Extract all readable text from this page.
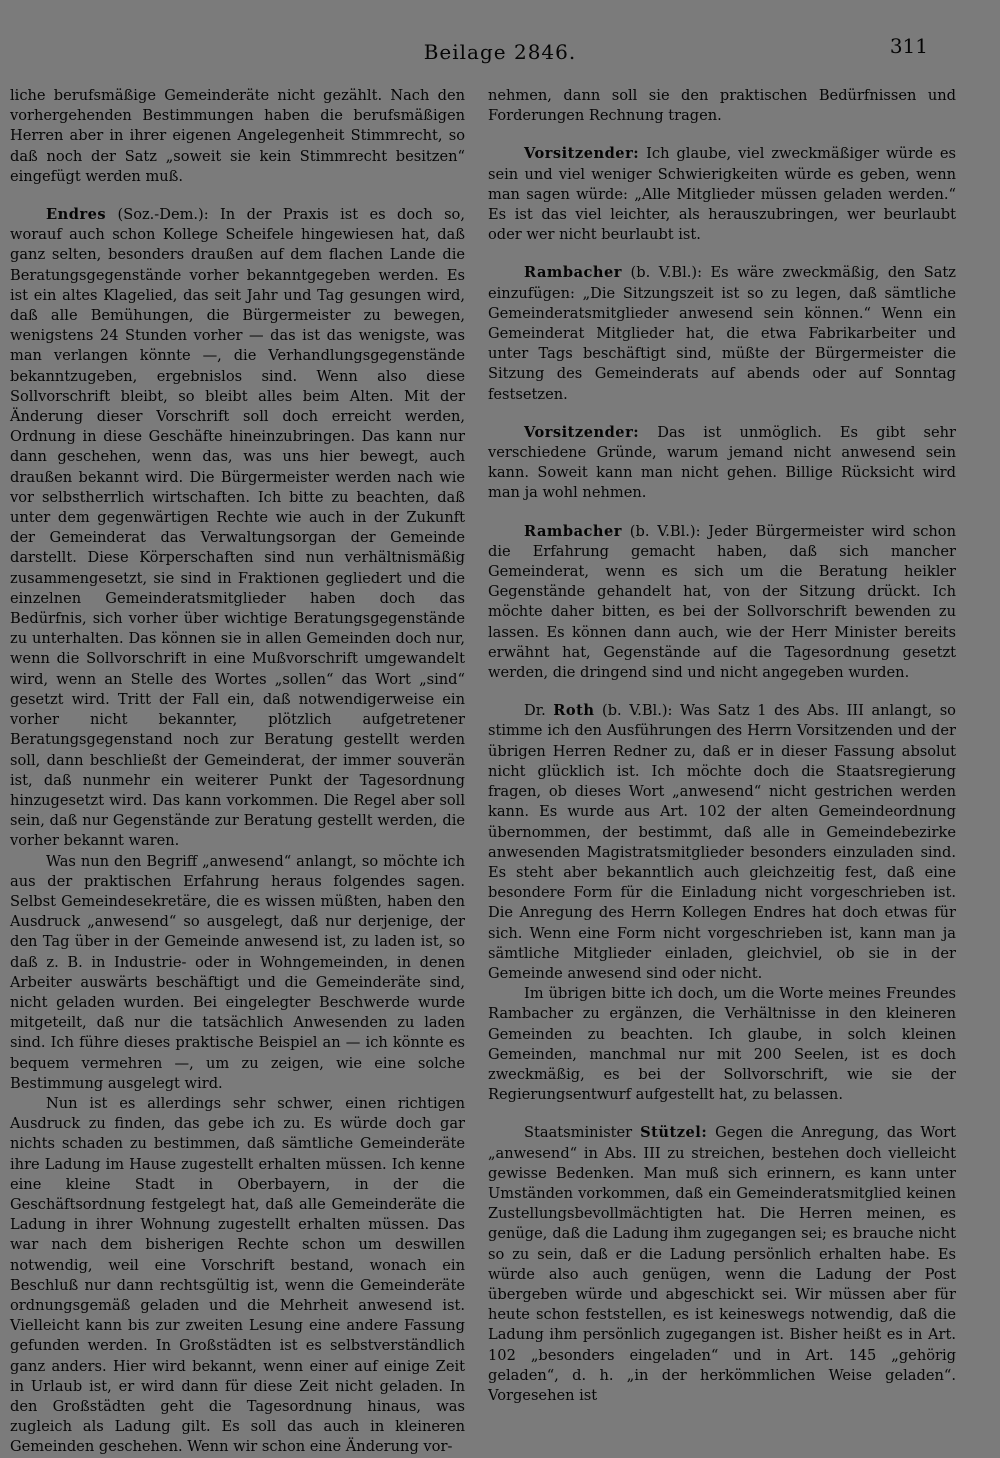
Beilage 2846.	311

liche berufsmäßige Gemeinderäte nicht gezählt. Nach den vorhergehenden Bestimmungen haben die berufsmäßigen Herren aber in ihrer eigenen Angelegenheit Stimmrecht, so daß noch der Satz „soweit sie kein Stimmrecht besitzen“ eingefügt werden muß.

Endres (Soz.-Dem.): In der Praxis ist es doch so, worauf auch schon Kollege Scheifele hingewiesen hat, daß ganz selten, besonders draußen auf dem flachen Lande die Beratungsgegenstände vorher bekanntgegeben werden. Es ist ein altes Klagelied, das seit Jahr und Tag gesungen wird, daß alle Bemühungen, die Bürgermeister zu bewegen, wenigstens 24 Stunden vorher — das ist das wenigste, was man verlangen könnte —, die Verhandlungsgegenstände bekanntzugeben, ergebnislos sind. Wenn also diese Sollvorschrift bleibt, so bleibt alles beim Alten. Mit der Änderung dieser Vorschrift soll doch erreicht werden, Ordnung in diese Geschäfte hineinzubringen. Das kann nur dann geschehen, wenn das, was uns hier bewegt, auch draußen bekannt wird. Die Bürgermeister werden nach wie vor selbstherrlich wirtschaften. Ich bitte zu beachten, daß unter dem gegenwärtigen Rechte wie auch in der Zukunft der Gemeinderat das Verwaltungsorgan der Gemeinde darstellt. Diese Körperschaften sind nun verhältnismäßig zusammengesetzt, sie sind in Fraktionen gegliedert und die einzelnen Gemeinderatsmitglieder haben doch das Bedürfnis, sich vorher über wichtige Beratungsgegenstände zu unterhalten. Das können sie in allen Gemeinden doch nur, wenn die Sollvorschrift in eine Mußvorschrift umgewandelt wird, wenn an Stelle des Wortes „sollen“ das Wort „sind“ gesetzt wird. Tritt der Fall ein, daß notwendigerweise ein vorher nicht bekannter, plötzlich aufgetretener Beratungsgegenstand noch zur Beratung gestellt werden soll, dann beschließt der Gemeinderat, der immer souverän ist, daß nunmehr ein weiterer Punkt der Tagesordnung hinzugesetzt wird. Das kann vorkommen. Die Regel aber soll sein, daß nur Gegenstände zur Beratung gestellt werden, die vorher bekannt waren.

Was nun den Begriff „anwesend“ anlangt, so möchte ich aus der praktischen Erfahrung heraus folgendes sagen. Selbst Gemeindesekretäre, die es wissen müßten, haben den Ausdruck „anwesend“ so ausgelegt, daß nur derjenige, der den Tag über in der Gemeinde anwesend ist, zu laden ist, so daß z. B. in Industrie- oder in Wohngemeinden, in denen Arbeiter auswärts beschäftigt und die Gemeinderäte sind, nicht geladen wurden. Bei eingelegter Beschwerde wurde mitgeteilt, daß nur die tatsächlich Anwesenden zu laden sind. Ich führe dieses praktische Beispiel an — ich könnte es bequem vermehren —, um zu zeigen, wie eine solche Bestimmung ausgelegt wird.

Nun ist es allerdings sehr schwer, einen richtigen Ausdruck zu finden, das gebe ich zu. Es würde doch gar nichts schaden zu bestimmen, daß sämtliche Gemeinderäte ihre Ladung im Hause zugestellt erhalten müssen. Ich kenne eine kleine Stadt in Oberbayern, in der die Geschäftsordnung festgelegt hat, daß alle Gemeinderäte die Ladung in ihrer Wohnung zugestellt erhalten müssen. Das war nach dem bisherigen Rechte schon um deswillen notwendig, weil eine Vorschrift bestand, wonach ein Beschluß nur dann rechtsgültig ist, wenn die Gemeinderäte ordnungsgemäß geladen und die Mehrheit anwesend ist. Vielleicht kann bis zur zweiten Lesung eine andere Fassung gefunden werden. In Großstädten ist es selbstverständlich ganz anders. Hier wird bekannt, wenn einer auf einige Zeit in Urlaub ist, er wird dann für diese Zeit nicht geladen. In den Großstädten geht die Tagesordnung hinaus, was zugleich als Ladung gilt. Es soll das auch in kleineren Gemeinden geschehen. Wenn wir schon eine Änderung vor-

nehmen, dann soll sie den praktischen Bedürfnissen und Forderungen Rechnung tragen.

Vorsitzender: Ich glaube, viel zweckmäßiger würde es sein und viel weniger Schwierigkeiten würde es geben, wenn man sagen würde: „Alle Mitglieder müssen geladen werden.“ Es ist das viel leichter, als herauszubringen, wer beurlaubt oder wer nicht beurlaubt ist.

Rambacher (b. V.Bl.): Es wäre zweckmäßig, den Satz einzufügen: „Die Sitzungszeit ist so zu legen, daß sämtliche Gemeinderatsmitglieder anwesend sein können.“ Wenn ein Gemeinderat Mitglieder hat, die etwa Fabrikarbeiter und unter Tags beschäftigt sind, müßte der Bürgermeister die Sitzung des Gemeinderats auf abends oder auf Sonntag festsetzen.

Vorsitzender: Das ist unmöglich. Es gibt sehr verschiedene Gründe, warum jemand nicht anwesend sein kann. Soweit kann man nicht gehen. Billige Rücksicht wird man ja wohl nehmen.

Rambacher (b. V.Bl.): Jeder Bürgermeister wird schon die Erfahrung gemacht haben, daß sich mancher Gemeinderat, wenn es sich um die Beratung heikler Gegenstände gehandelt hat, von der Sitzung drückt. Ich möchte daher bitten, es bei der Sollvorschrift bewenden zu lassen. Es können dann auch, wie der Herr Minister bereits erwähnt hat, Gegenstände auf die Tagesordnung gesetzt werden, die dringend sind und nicht angegeben wurden.

Dr. Roth (b. V.Bl.): Was Satz 1 des Abs. III anlangt, so stimme ich den Ausführungen des Herrn Vorsitzenden und der übrigen Herren Redner zu, daß er in dieser Fassung absolut nicht glücklich ist. Ich möchte doch die Staatsregierung fragen, ob dieses Wort „anwesend“ nicht gestrichen werden kann. Es wurde aus Art. 102 der alten Gemeindeordnung übernommen, der bestimmt, daß alle in Gemeindebezirke anwesenden Magistratsmitglieder besonders einzuladen sind. Es steht aber bekanntlich auch gleichzeitig fest, daß eine besondere Form für die Einladung nicht vorgeschrieben ist. Die Anregung des Herrn Kollegen Endres hat doch etwas für sich. Wenn eine Form nicht vorgeschrieben ist, kann man ja sämtliche Mitglieder einladen, gleichviel, ob sie in der Gemeinde anwesend sind oder nicht.

Im übrigen bitte ich doch, um die Worte meines Freundes Rambacher zu ergänzen, die Verhältnisse in den kleineren Gemeinden zu beachten. Ich glaube, in solch kleinen Gemeinden, manchmal nur mit 200 Seelen, ist es doch zweckmäßig, es bei der Sollvorschrift, wie sie der Regierungsentwurf aufgestellt hat, zu belassen.

Staatsminister Stützel: Gegen die Anregung, das Wort „anwesend“ in Abs. III zu streichen, bestehen doch vielleicht gewisse Bedenken. Man muß sich erinnern, es kann unter Umständen vorkommen, daß ein Gemeinderatsmitglied keinen Zustellungsbevollmächtigten hat. Die Herren meinen, es genüge, daß die Ladung ihm zugegangen sei; es brauche nicht so zu sein, daß er die Ladung persönlich erhalten habe. Es würde also auch genügen, wenn die Ladung der Post übergeben würde und abgeschickt sei. Wir müssen aber für heute schon feststellen, es ist keineswegs notwendig, daß die Ladung ihm persönlich zugegangen ist. Bisher heißt es in Art. 102 „besonders eingeladen“ und in Art. 145 „gehörig geladen“, d. h. „in der herkömmlichen Weise geladen“. Vorgesehen ist
